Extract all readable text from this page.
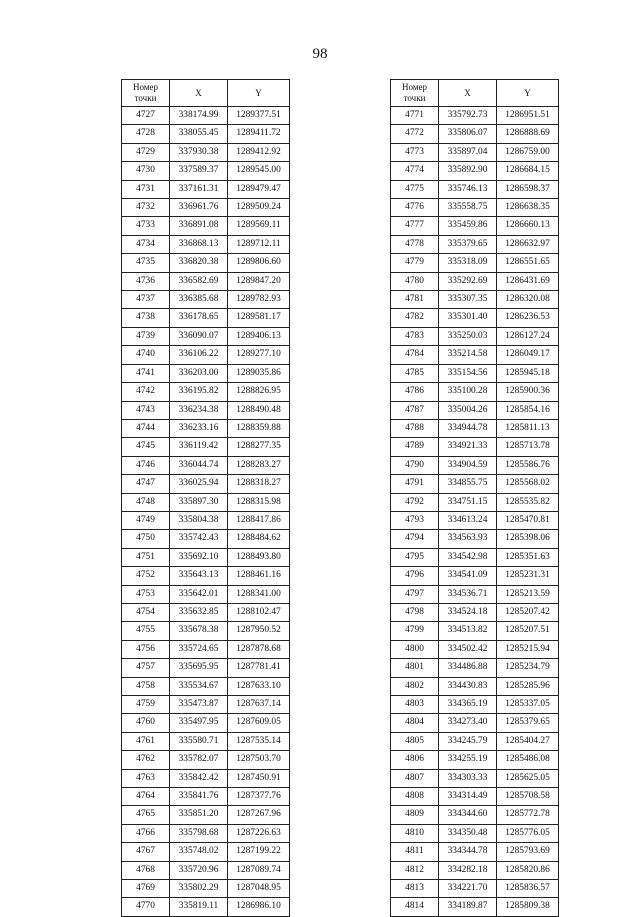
98
Номер
точки	X	Y
4727	338174.99	1289377.51
4728	338055.45	1289411.72
4729	337930.38	1289412.92
4730	337589.37	1289545.00
4731	337161.31	1289479.47
4732	336961.76	1289509.24
4733	336891.08	1289569.11
4734	336868.13	1289712.11
4735	336820.38	1289806.60
4736	336582.69	1289847.20
4737	336385.68	1289782.93
4738	336178.65	1289581.17
4739	336090.07	1289406.13
4740	336106.22	1289277.10
4741	336203.00	1289035.86
4742	336195.82	1288826.95
4743	336234.38	1288490.48
4744	336233.16	1288359.88
4745	336119.42	1288277.35
4746	336044.74	1288283.27
4747	336025.94	1288318.27
4748	335897.30	1288315.98
4749	335804.38	1288417.86
4750	335742.43	1288484.62
4751	335692.10	1288493.80
4752	335643.13	1288461.16
4753	335642.01	1288341.00
4754	335632.85	1288102.47
4755	335678.38	1287950.52
4756	335724.65	1287878.68
4757	335695.95	1287781.41
4758	335534.67	1287633.10
4759	335473.87	1287637.14
4760	335497.95	1287609.05
4761	335580.71	1287535.14
4762	335782.07	1287503.70
4763	335842.42	1287450.91
4764	335841.76	1287377.76
4765	335851.20	1287267.96
4766	335798.68	1287226.63
4767	335748.02	1287199.22
4768	335720.96	1287089.74
4769	335802.29	1287048.95
4770	335819.11	1286986.10
Номер
точки	X	Y
4771	335792.73	1286951.51
4772	335806.07	1286888.69
4773	335897.04	1286759.00
4774	335892.90	1286684.15
4775	335746.13	1286598.37
4776	335558.75	1286638.35
4777	335459.86	1286660.13
4778	335379.65	1286632.97
4779	335318.09	1286551.65
4780	335292.69	1286431.69
4781	335307.35	1286320.08
4782	335301.40	1286236.53
4783	335250.03	1286127.24
4784	335214.58	1286049.17
4785	335154.56	1285945.18
4786	335100.28	1285900.36
4787	335004.26	1285854.16
4788	334944.78	1285811.13
4789	334921.33	1285713.78
4790	334904.59	1285586.76
4791	334855.75	1285568.02
4792	334751.15	1285535.82
4793	334613.24	1285470.81
4794	334563.93	1285398.06
4795	334542.98	1285351.63
4796	334541.09	1285231.31
4797	334536.71	1285213.59
4798	334524.18	1285207.42
4799	334513.82	1285207.51
4800	334502.42	1285215.94
4801	334486.88	1285234.79
4802	334430.83	1285285.96
4803	334365.19	1285337.05
4804	334273.40	1285379.65
4805	334245.79	1285404.27
4806	334255.19	1285486.08
4807	334303.33	1285625.05
4808	334314.49	1285708.58
4809	334344.60	1285772.78
4810	334350.48	1285776.05
4811	334344.78	1285793.69
4812	334282.18	1285820.86
4813	334221.70	1285836.57
4814	334189.87	1285809.38
